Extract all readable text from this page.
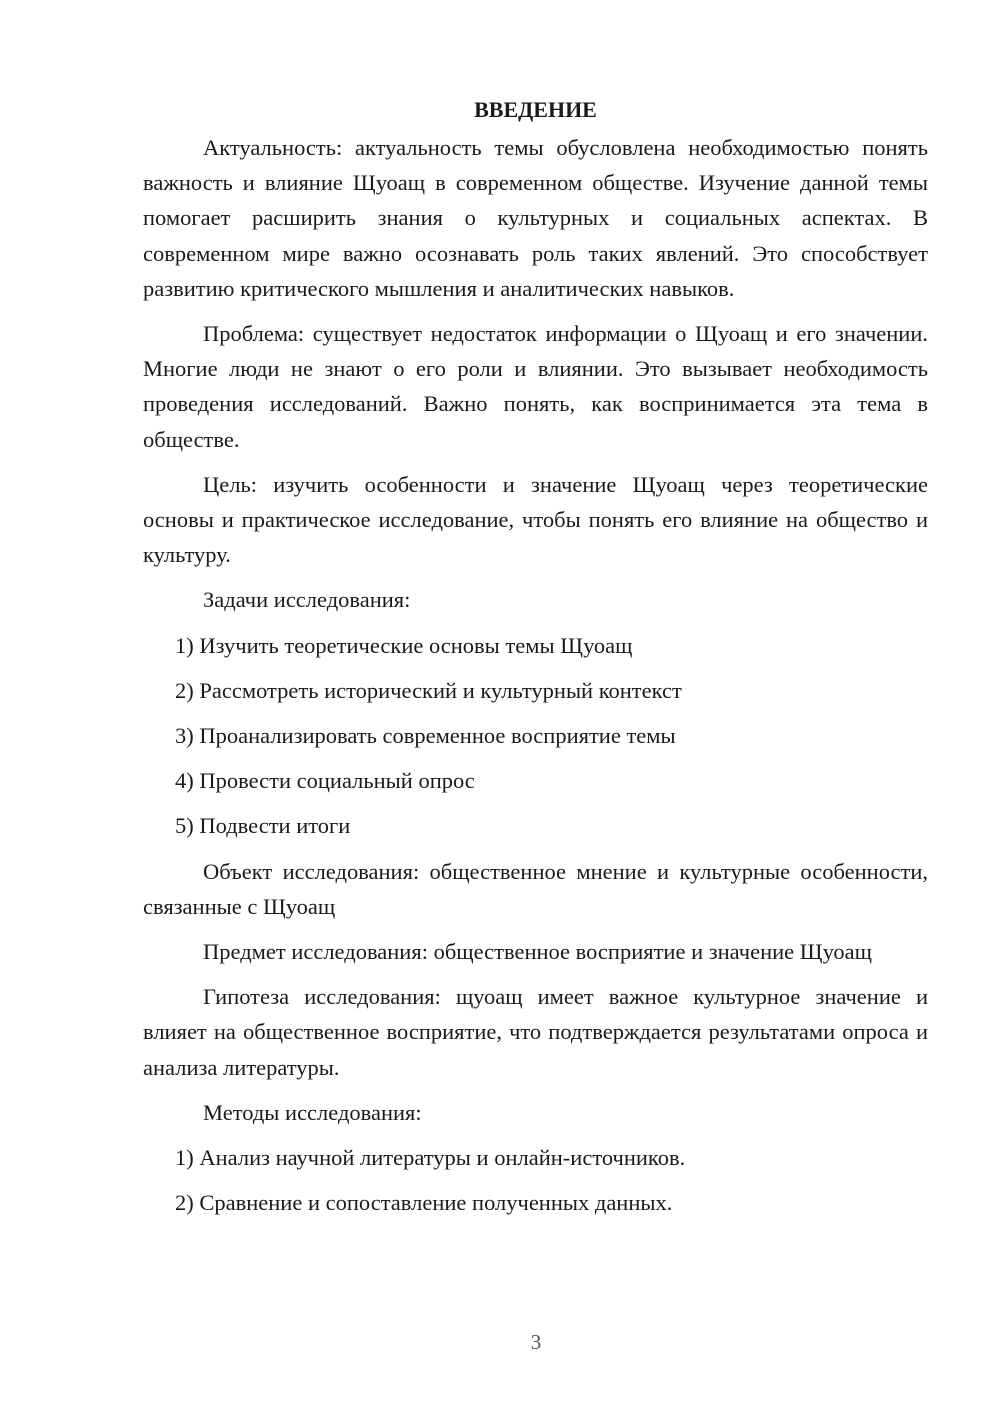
ВВЕДЕНИЕ

Актуальность: актуальность темы обусловлена необходимостью понять важность и влияние Щуоащ в современном обществе. Изучение данной темы помогает расширить знания о культурных и социальных аспектах. В современном мире важно осознавать роль таких явлений. Это способствует развитию критического мышления и аналитических навыков.

Проблема: существует недостаток информации о Щуоащ и его значении. Многие люди не знают о его роли и влиянии. Это вызывает необходимость проведения исследований. Важно понять, как воспринимается эта тема в обществе.

Цель: изучить особенности и значение Щуоащ через теоретические основы и практическое исследование, чтобы понять его влияние на общество и культуру.

Задачи исследования:

1) Изучить теоретические основы темы Щуоащ

2) Рассмотреть исторический и культурный контекст

3) Проанализировать современное восприятие темы

4) Провести социальный опрос

5) Подвести итоги

Объект исследования: общественное мнение и культурные особенности, связанные с Щуоащ

Предмет исследования: общественное восприятие и значение Щуоащ

Гипотеза исследования: щуоащ имеет важное культурное значение и влияет на общественное восприятие, что подтверждается результатами опроса и анализа литературы.

Методы исследования:

1) Анализ научной литературы и онлайн-источников.

2) Сравнение и сопоставление полученных данных.

3
